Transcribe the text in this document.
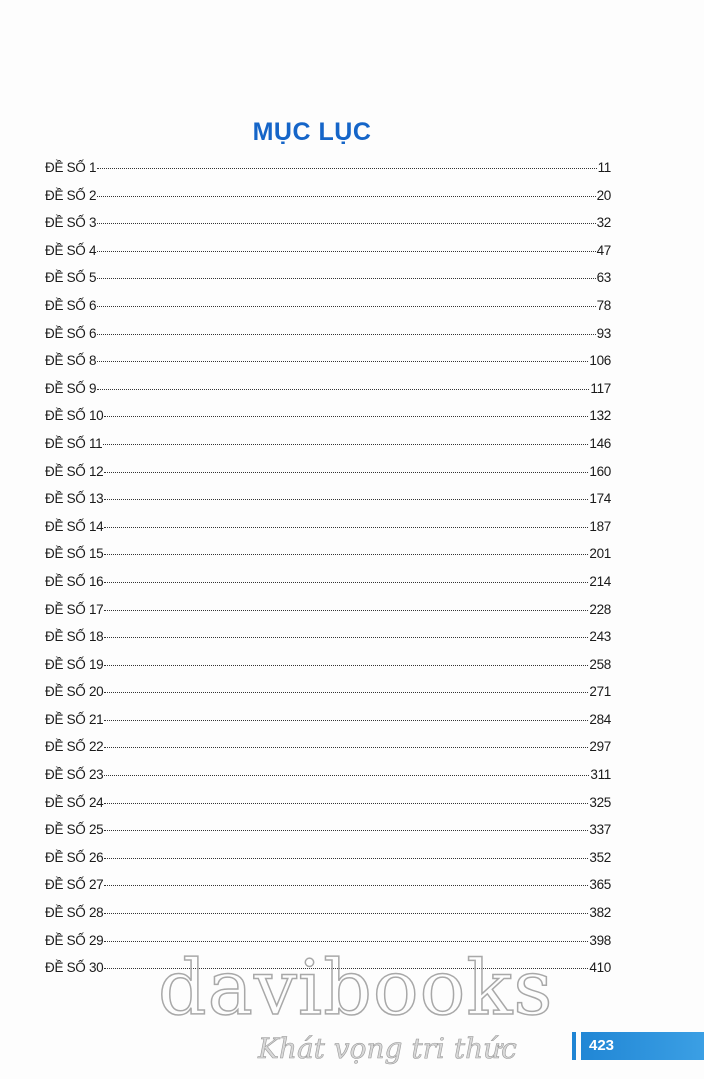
MỤC LỤC
ĐỀ SỐ 1	11
ĐỀ SỐ 2	20
ĐỀ SỐ 3	32
ĐỀ SỐ 4	47
ĐỀ SỐ 5	63
ĐỀ SỐ 6	78
ĐỀ SỐ 6	93
ĐỀ SỐ 8	106
ĐỀ SỐ 9	117
ĐỀ SỐ 10	132
ĐỀ SỐ 11	146
ĐỀ SỐ 12	160
ĐỀ SỐ 13	174
ĐỀ SỐ 14	187
ĐỀ SỐ 15	201
ĐỀ SỐ 16	214
ĐỀ SỐ 17	228
ĐỀ SỐ 18	243
ĐỀ SỐ 19	258
ĐỀ SỐ 20	271
ĐỀ SỐ 21	284
ĐỀ SỐ 22	297
ĐỀ SỐ 23	311
ĐỀ SỐ 24	325
ĐỀ SỐ 25	337
ĐỀ SỐ 26	352
ĐỀ SỐ 27	365
ĐỀ SỐ 28	382
ĐỀ SỐ 29	398
ĐỀ SỐ 30	410
davibooks
Khát vọng tri thức	423
